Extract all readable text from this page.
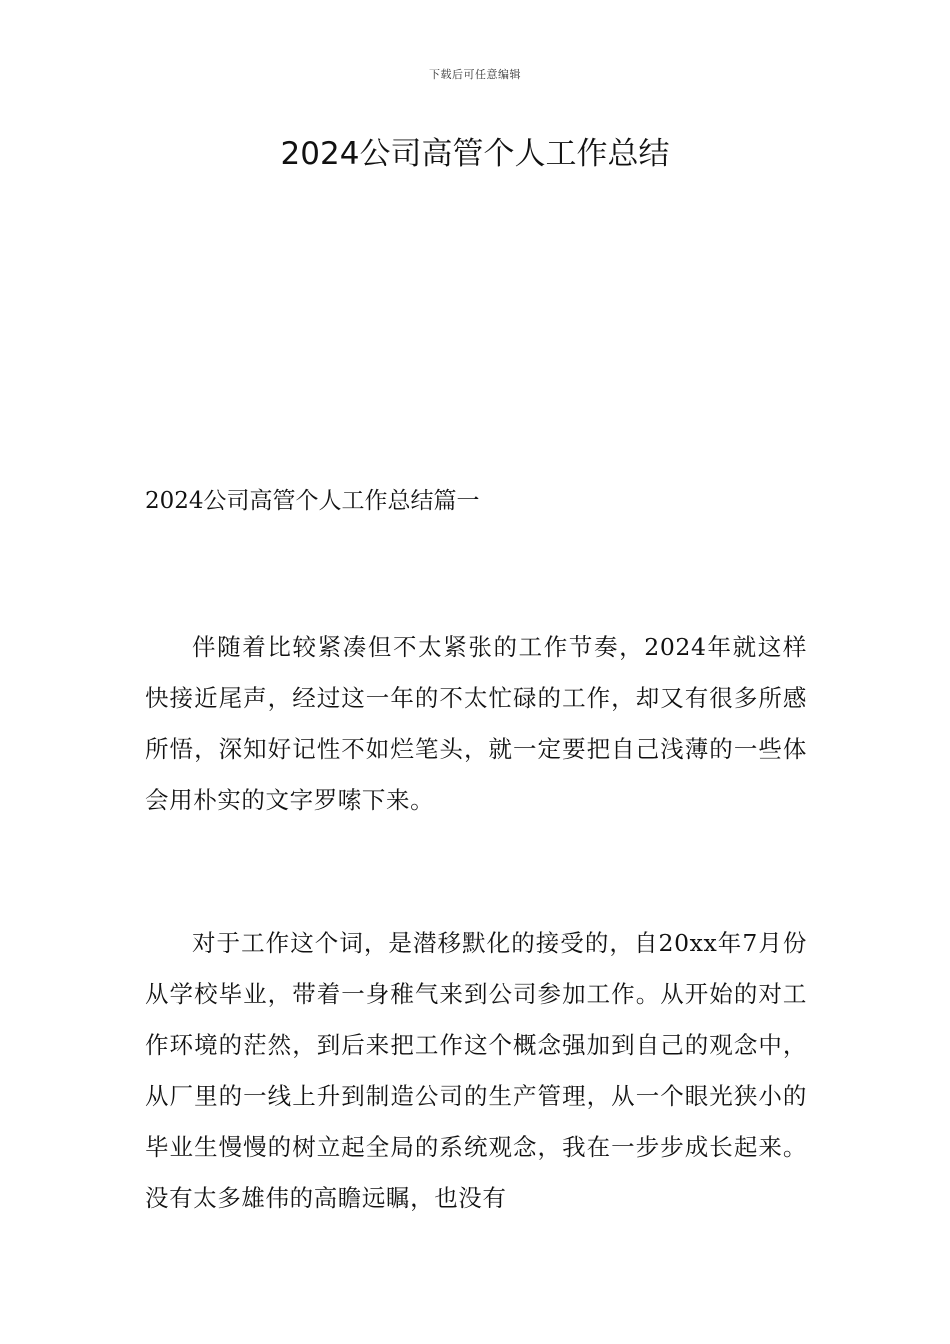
下载后可任意编辑
2024公司高管个人工作总结
2024公司高管个人工作总结篇一

伴随着比较紧凑但不太紧张的工作节奏，2024年就这样快接近尾声，经过这一年的不太忙碌的工作，却又有很多所感所悟，深知好记性不如烂笔头，就一定要把自己浅薄的一些体会用朴实的文字罗嗦下来。

对于工作这个词，是潜移默化的接受的，自20xx年7月份从学校毕业，带着一身稚气来到公司参加工作。从开始的对工作环境的茫然，到后来把工作这个概念强加到自己的观念中，从厂里的一线上升到制造公司的生产管理，从一个眼光狭小的毕业生慢慢的树立起全局的系统观念，我在一步步成长起来。没有太多雄伟的高瞻远瞩，也没有
